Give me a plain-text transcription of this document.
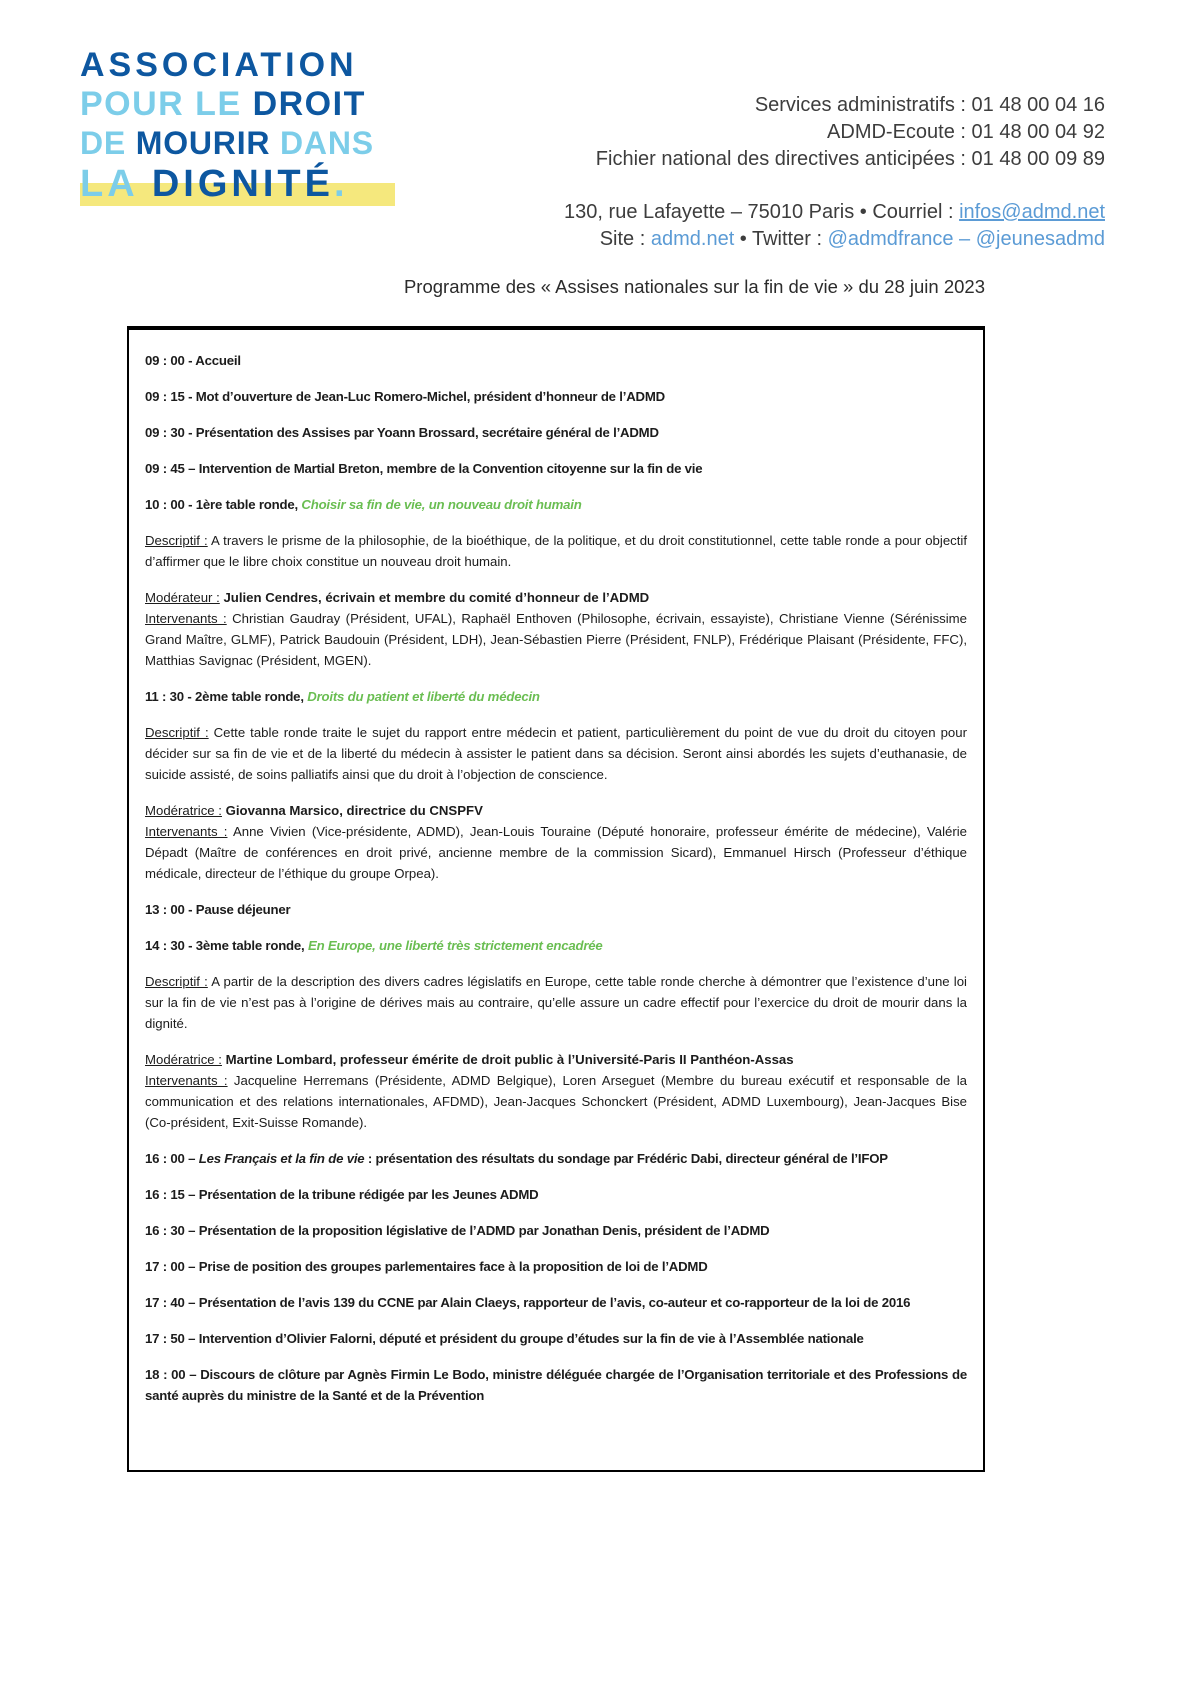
ASSOCIATION
POUR LE DROIT
DE MOURIR DANS
LA DIGNITÉ.
Services administratifs : 01 48 00 04 16
ADMD-Ecoute : 01 48 00 04 92
Fichier national des directives anticipées : 01 48 00 09 89
130, rue Lafayette – 75010 Paris • Courriel : infos@admd.net
Site : admd.net • Twitter : @admdfrance – @jeunesadmd
Programme des « Assises nationales sur la fin de vie » du 28 juin 2023

09 : 00 - Accueil

09 : 15 - Mot d’ouverture de Jean-Luc Romero-Michel, président d’honneur de l’ADMD

09 : 30 - Présentation des Assises par Yoann Brossard, secrétaire général de l’ADMD

09 : 45 – Intervention de Martial Breton, membre de la Convention citoyenne sur la fin de vie

10 : 00 - 1ère table ronde, Choisir sa fin de vie, un nouveau droit humain

Descriptif : A travers le prisme de la philosophie, de la bioéthique, de la politique, et du droit constitutionnel, cette table ronde a pour objectif d’affirmer que le libre choix constitue un nouveau droit humain.

Modérateur : Julien Cendres, écrivain et membre du comité d’honneur de l’ADMD

Intervenants : Christian Gaudray (Président, UFAL), Raphaël Enthoven (Philosophe, écrivain, essayiste), Christiane Vienne (Sérénissime Grand Maître, GLMF), Patrick Baudouin (Président, LDH), Jean-Sébastien Pierre (Président, FNLP), Frédérique Plaisant (Présidente, FFC), Matthias Savignac (Président, MGEN).

11 : 30 - 2ème table ronde, Droits du patient et liberté du médecin

Descriptif : Cette table ronde traite le sujet du rapport entre médecin et patient, particulièrement du point de vue du droit du citoyen pour décider sur sa fin de vie et de la liberté du médecin à assister le patient dans sa décision. Seront ainsi abordés les sujets d’euthanasie, de suicide assisté, de soins palliatifs ainsi que du droit à l’objection de conscience.

Modératrice : Giovanna Marsico, directrice du CNSPFV

Intervenants : Anne Vivien (Vice-présidente, ADMD), Jean-Louis Touraine (Député honoraire, professeur émérite de médecine), Valérie Dépadt (Maître de conférences en droit privé, ancienne membre de la commission Sicard), Emmanuel Hirsch (Professeur d’éthique médicale, directeur de l’éthique du groupe Orpea).

13 : 00 - Pause déjeuner

14 : 30 - 3ème table ronde, En Europe, une liberté très strictement encadrée

Descriptif : A partir de la description des divers cadres législatifs en Europe, cette table ronde cherche à démontrer que l’existence d’une loi sur la fin de vie n’est pas à l’origine de dérives mais au contraire, qu’elle assure un cadre effectif pour l’exercice du droit de mourir dans la dignité.

Modératrice : Martine Lombard, professeur émérite de droit public à l’Université-Paris II Panthéon-Assas

Intervenants : Jacqueline Herremans (Présidente, ADMD Belgique), Loren Arseguet (Membre du bureau exécutif et responsable de la communication et des relations internationales, AFDMD), Jean-Jacques Schonckert (Président, ADMD Luxembourg), Jean-Jacques Bise (Co-président, Exit-Suisse Romande).

16 : 00 – Les Français et la fin de vie : présentation des résultats du sondage par Frédéric Dabi, directeur général de l’IFOP

16 : 15 – Présentation de la tribune rédigée par les Jeunes ADMD

16 : 30 – Présentation de la proposition législative de l’ADMD par Jonathan Denis, président de l’ADMD

17 : 00 – Prise de position des groupes parlementaires face à la proposition de loi de l’ADMD

17 : 40 – Présentation de l’avis 139 du CCNE par Alain Claeys, rapporteur de l’avis, co-auteur et co-rapporteur de la loi de 2016

17 : 50 – Intervention d’Olivier Falorni, député et président du groupe d’études sur la fin de vie à l’Assemblée nationale

18 : 00 – Discours de clôture par Agnès Firmin Le Bodo, ministre déléguée chargée de l’Organisation territoriale et des Professions de santé auprès du ministre de la Santé et de la Prévention
